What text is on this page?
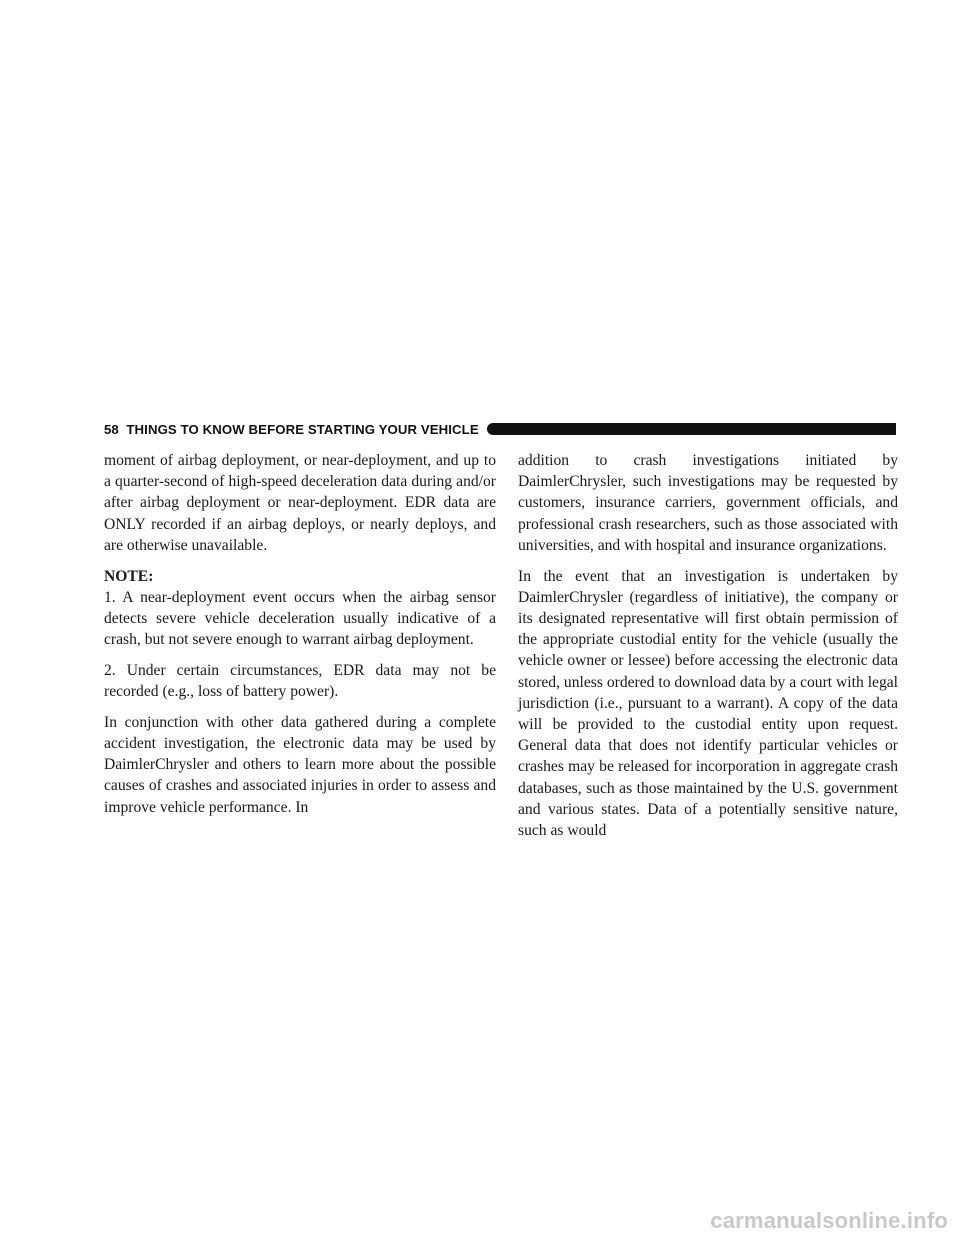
58 THINGS TO KNOW BEFORE STARTING YOUR VEHICLE

moment of airbag deployment, or near-deployment, and up to a quarter-second of high-speed deceleration data during and/or after airbag deployment or near-deployment. EDR data are ONLY recorded if an airbag deploys, or nearly deploys, and are otherwise unavailable.

NOTE:
1. A near-deployment event occurs when the airbag sensor detects severe vehicle deceleration usually indicative of a crash, but not severe enough to warrant airbag deployment.

2. Under certain circumstances, EDR data may not be recorded (e.g., loss of battery power).

In conjunction with other data gathered during a complete accident investigation, the electronic data may be used by DaimlerChrysler and others to learn more about the possible causes of crashes and associated injuries in order to assess and improve vehicle performance. In

addition to crash investigations initiated by DaimlerChrysler, such investigations may be requested by customers, insurance carriers, government officials, and professional crash researchers, such as those associated with universities, and with hospital and insurance organizations.

In the event that an investigation is undertaken by DaimlerChrysler (regardless of initiative), the company or its designated representative will first obtain permission of the appropriate custodial entity for the vehicle (usually the vehicle owner or lessee) before accessing the electronic data stored, unless ordered to download data by a court with legal jurisdiction (i.e., pursuant to a warrant). A copy of the data will be provided to the custodial entity upon request. General data that does not identify particular vehicles or crashes may be released for incorporation in aggregate crash databases, such as those maintained by the U.S. government and various states. Data of a potentially sensitive nature, such as would

carmanualsonline.info
